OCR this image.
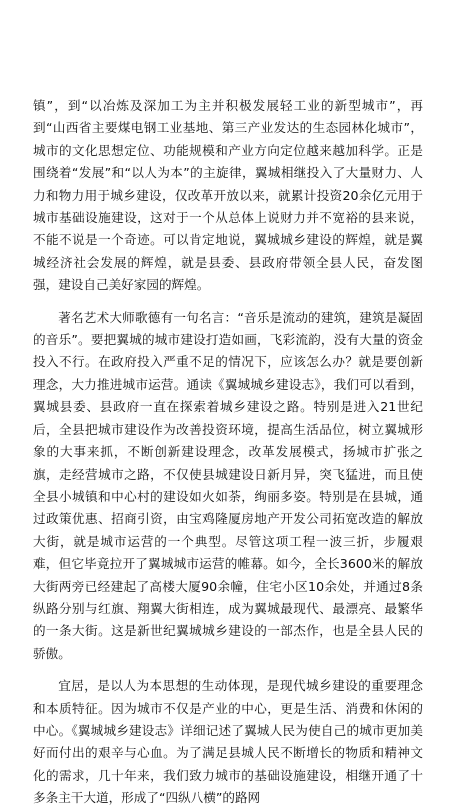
镇”，到“以冶炼及深加工为主并积极发展轻工业的新型城市”，再到“山西省主要煤电钢工业基地、第三产业发达的生态园林化城市”，城市的文化思想定位、功能规模和产业方向定位越来越加科学。正是围绕着“发展”和“以人为本”的主旋律，翼城相继投入了大量财力、人力和物力用于城乡建设，仅改革开放以来，就累计投资20余亿元用于城市基础设施建设，这对于一个从总体上说财力并不宽裕的县来说，不能不说是一个奇迹。可以肯定地说，翼城城乡建设的辉煌，就是翼城经济社会发展的辉煌，就是县委、县政府带领全县人民，奋发图强，建设自己美好家园的辉煌。

著名艺术大师歌德有一句名言：“音乐是流动的建筑，建筑是凝固的音乐”。要把翼城的城市建设打造如画，飞彩流韵，没有大量的资金投入不行。在政府投入严重不足的情况下，应该怎么办？就是要创新理念，大力推进城市运营。通读《翼城城乡建设志》，我们可以看到，翼城县委、县政府一直在探索着城乡建设之路。特别是进入21世纪后，全县把城市建设作为改善投资环境，提高生活品位，树立翼城形象的大事来抓，不断创新建设理念，改革发展模式，扬城市扩张之旗，走经营城市之路，不仅使县城建设日新月异，突飞猛进，而且使全县小城镇和中心村的建设如火如荼，绚丽多姿。特别是在县城，通过政策优惠、招商引资，由宝鸡隆厦房地产开发公司拓宽改造的解放大街，就是城市运营的一个典型。尽管这项工程一波三折，步履艰难，但它毕竟拉开了翼城城市运营的帷幕。如今，全长3600米的解放大街两旁已经建起了高楼大厦90余幢，住宅小区10余处，并通过8条纵路分别与红旗、翔翼大街相连，成为翼城最现代、最漂亮、最繁华的一条大街。这是新世纪翼城城乡建设的一部杰作，也是全县人民的骄傲。

宜居，是以人为本思想的生动体现，是现代城乡建设的重要理念和本质特征。因为城市不仅是产业的中心，更是生活、消费和休闲的中心。《翼城城乡建设志》详细记述了翼城人民为使自己的城市更加美好而付出的艰辛与心血。为了满足县城人民不断增长的物质和精神文化的需求，几十年来，我们致力城市的基础设施建设，相继开通了十多条主干大道，形成了“四纵八横”的路网
